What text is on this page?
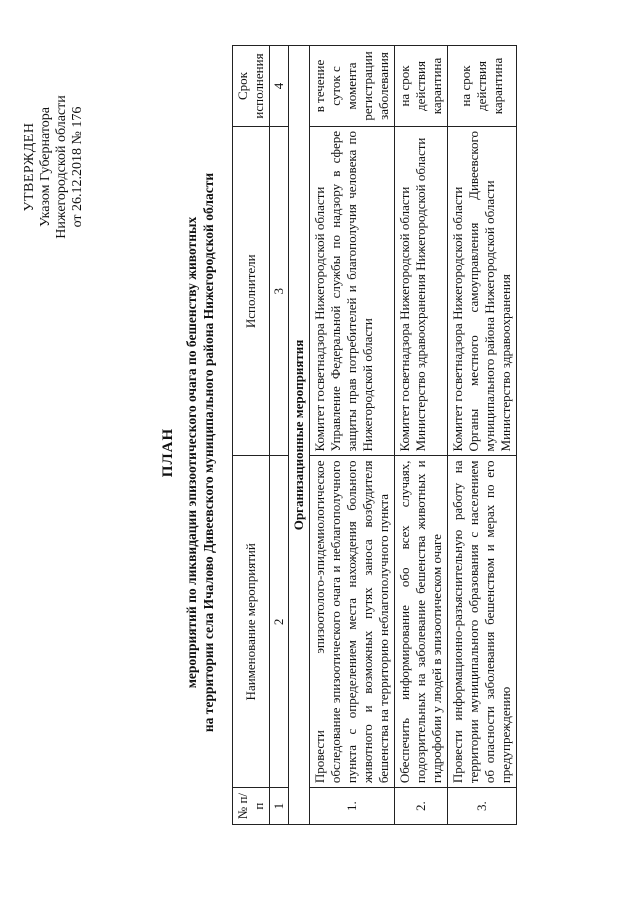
УТВЕРЖДЕН Указом Губернатора Нижегородской области от 26.12.2018 № 176
ПЛАН мероприятий по ликвидации эпизоотического очага по бешенству животных на территории села Ичалово Дивеевского муниципального района Нижегородской области
№ п/п	Наименование мероприятий	Исполнители	Срок исполнения
1	2	3	4
Организационные мероприятия			
1.	Провести эпизоотолого-эпидемиологическое обследование эпизоотического очага и неблагополучного пункта с определением места нахождения больного животного и возможных путях заноса возбудителя бешенства на территорию неблагополучного пункта	Комитет госветнадзора Нижегородской области Управление Федеральной службы по надзору в сфере защиты прав потребителей и благополучия человека по Нижегородской области	в течение суток с момента регистрации заболевания
2.	Обеспечить информирование обо всех случаях, подозрительных на заболевание бешенства животных и гидрофобии у людей в эпизоотическом очаге	Комитет госветнадзора Нижегородской области Министерство здравоохранения Нижегородской области	на срок действия карантина
3.	Провести информационно-разъяснительную работу на территории муниципального образования с населением об опасности заболевания бешенством и мерах по его предупреждению	Комитет госветнадзора Нижегородской области Органы местного самоуправления Дивеевского муниципального района Нижегородской области Министерство здравоохранения	на срок действия карантина
